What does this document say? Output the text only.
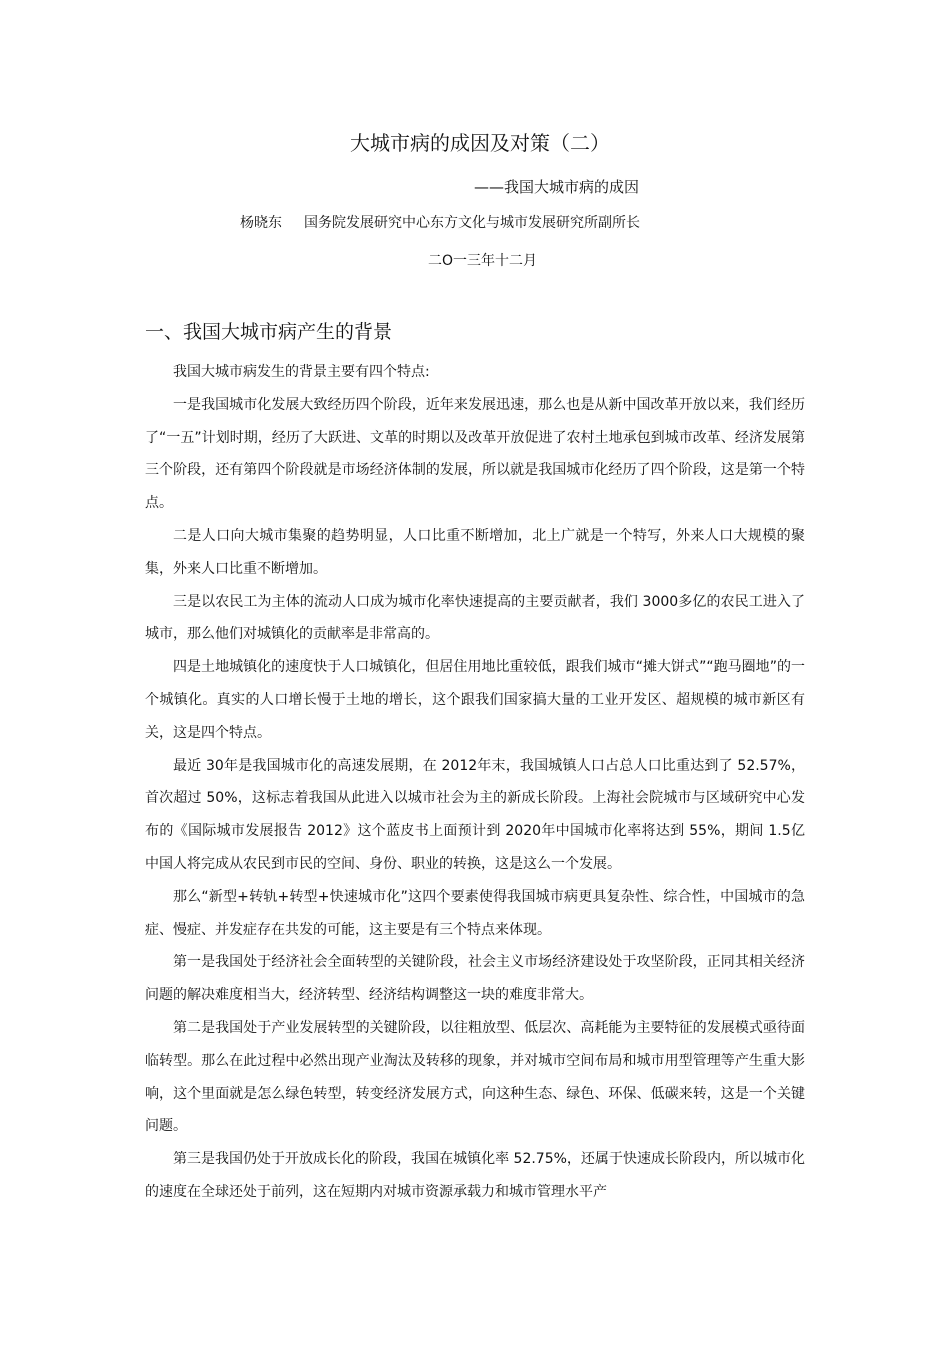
大城市病的成因及对策（二）
——我国大城市病的成因
杨晓东 国务院发展研究中心东方文化与城市发展研究所副所长
二O一三年十二月
一、我国大城市病产生的背景

我国大城市病发生的背景主要有四个特点:

一是我国城市化发展大致经历四个阶段，近年来发展迅速，那么也是从新中国改革开放以来，我们经历了“一五”计划时期，经历了大跃进、文革的时期以及改革开放促进了农村土地承包到城市改革、经济发展第三个阶段，还有第四个阶段就是市场经济体制的发展，所以就是我国城市化经历了四个阶段，这是第一个特点。

二是人口向大城市集聚的趋势明显，人口比重不断增加，北上广就是一个特写，外来人口大规模的聚集，外来人口比重不断增加。

三是以农民工为主体的流动人口成为城市化率快速提高的主要贡献者，我们 3000多亿的农民工进入了城市，那么他们对城镇化的贡献率是非常高的。

四是土地城镇化的速度快于人口城镇化，但居住用地比重较低，跟我们城市“摊大饼式”“跑马圈地”的一个城镇化。真实的人口增长慢于土地的增长，这个跟我们国家搞大量的工业开发区、超规模的城市新区有关，这是四个特点。

最近 30年是我国城市化的高速发展期，在 2012年末，我国城镇人口占总人口比重达到了 52.57%，首次超过 50%，这标志着我国从此进入以城市社会为主的新成长阶段。上海社会院城市与区域研究中心发布的《国际城市发展报告 2012》这个蓝皮书上面预计到 2020年中国城市化率将达到 55%，期间 1.5亿中国人将完成从农民到市民的空间、身份、职业的转换，这是这么一个发展。

那么“新型+转轨+转型+快速城市化”这四个要素使得我国城市病更具复杂性、综合性，中国城市的急症、慢症、并发症存在共发的可能，这主要是有三个特点来体现。

第一是我国处于经济社会全面转型的关键阶段，社会主义市场经济建设处于攻坚阶段，正同其相关经济问题的解决难度相当大，经济转型、经济结构调整这一块的难度非常大。

第二是我国处于产业发展转型的关键阶段，以往粗放型、低层次、高耗能为主要特征的发展模式亟待面临转型。那么在此过程中必然出现产业淘汰及转移的现象，并对城市空间布局和城市用型管理等产生重大影响，这个里面就是怎么绿色转型，转变经济发展方式，向这种生态、绿色、环保、低碳来转，这是一个关键问题。

第三是我国仍处于开放成长化的阶段，我国在城镇化率 52.75%，还属于快速成长阶段内，所以城市化的速度在全球还处于前列，这在短期内对城市资源承载力和城市管理水平产
